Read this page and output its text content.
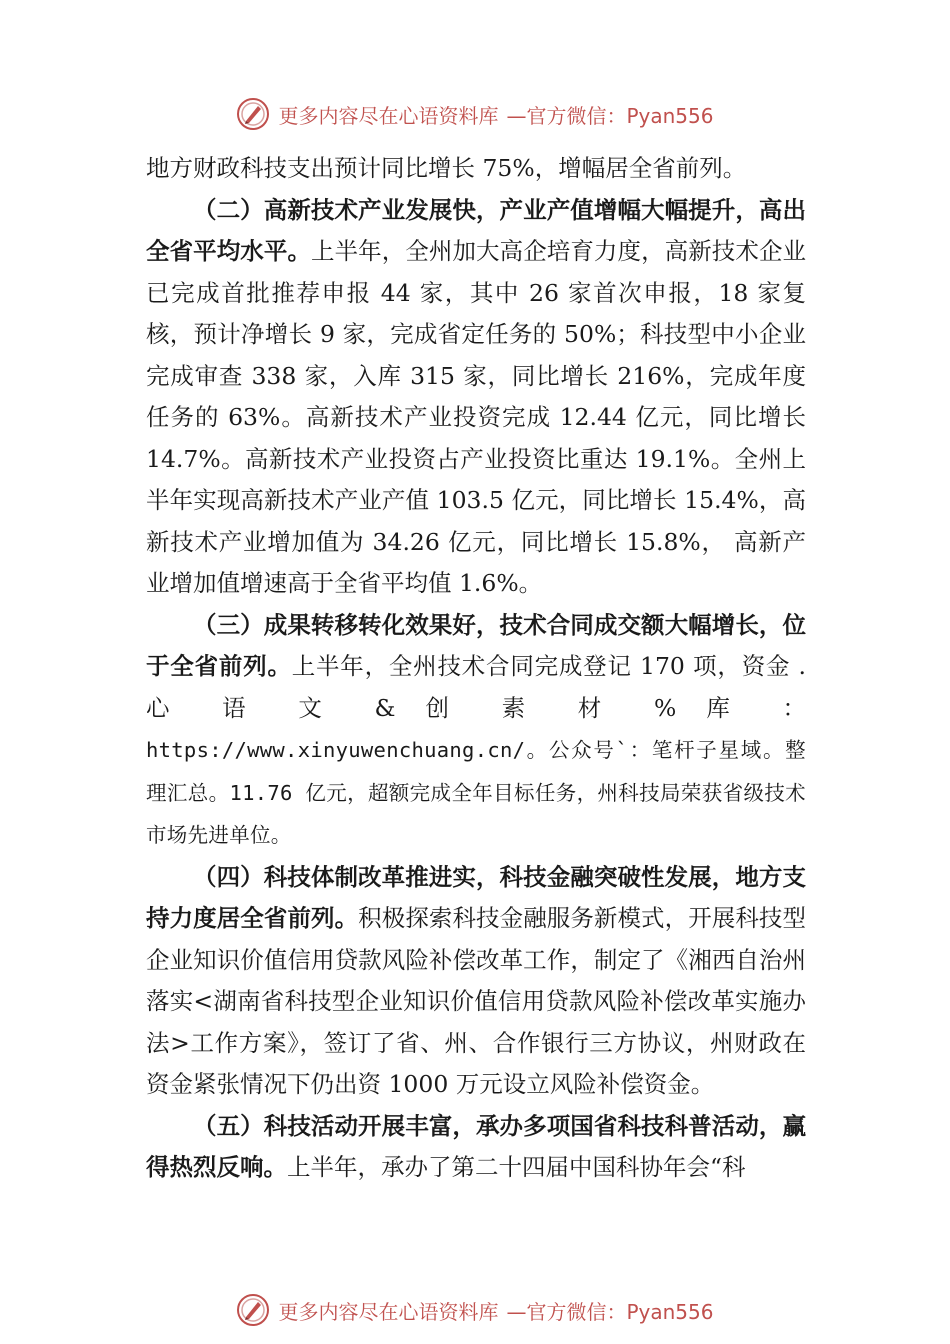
更多内容尽在心语资料库 —官方微信：Pyan556

地方财政科技支出预计同比增长 75%，增幅居全省前列。

（二）高新技术产业发展快，产业产值增幅大幅提升，高出全省平均水平。上半年，全州加大高企培育力度，高新技术企业已完成首批推荐申报 44 家，其中 26 家首次申报，18 家复核，预计净增长 9 家，完成省定任务的 50%；科技型中小企业完成审查 338 家，入库 315 家，同比增长 216%，完成年度任务的 63%。高新技术产业投资完成 12.44 亿元，同比增长 14.7%。高新技术产业投资占产业投资比重达 19.1%。全州上半年实现高新技术产业产值 103.5 亿元，同比增长 15.4%，高新技术产业增加值为 34.26 亿元，同比增长 15.8%， 高新产业增加值增速高于全省平均值 1.6%。

（三）成果转移转化效果好，技术合同成交额大幅增长，位于全省前列。上半年，全州技术合同完成登记 170 项，资金 . 心 语 文 & 创 素 材 % 库 ：https://www.xinyuwenchuang.cn/。公众号`：笔杆子星域。整理汇总。11.76 亿元，超额完成全年目标任务，州科技局荣获省级技术市场先进单位。

（四）科技体制改革推进实，科技金融突破性发展，地方支持力度居全省前列。积极探索科技金融服务新模式，开展科技型企业知识价值信用贷款风险补偿改革工作，制定了《湘西自治州落实<湖南省科技型企业知识价值信用贷款风险补偿改革实施办法>工作方案》，签订了省、州、合作银行三方协议，州财政在资金紧张情况下仍出资 1000 万元设立风险补偿资金。

（五）科技活动开展丰富，承办多项国省科技科普活动，赢得热烈反响。上半年，承办了第二十四届中国科协年会“科

更多内容尽在心语资料库 —官方微信：Pyan556
